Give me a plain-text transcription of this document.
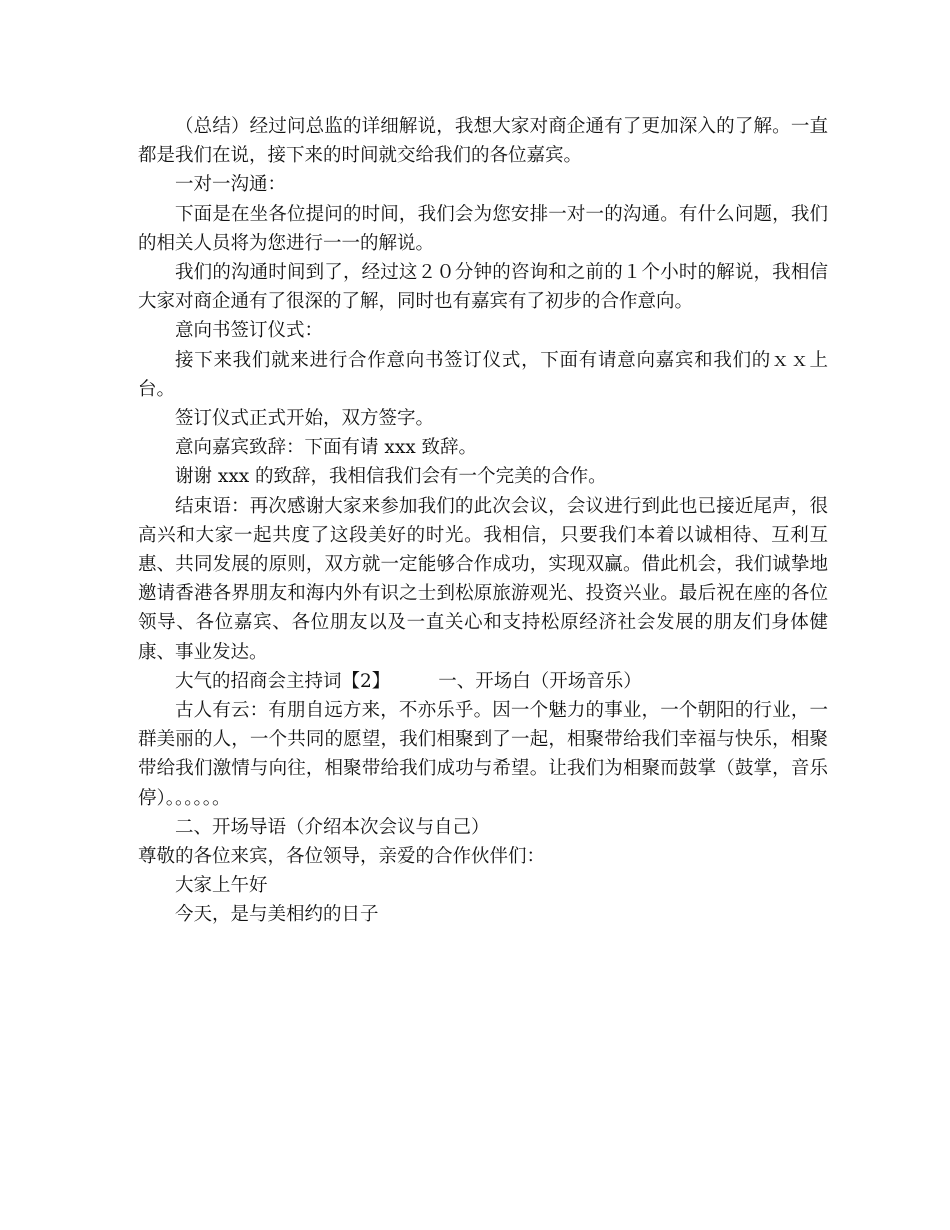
（总结）经过问总监的详细解说，我想大家对商企通有了更加深入的了解。一直都是我们在说，接下来的时间就交给我们的各位嘉宾。

一对一沟通：

下面是在坐各位提问的时间，我们会为您安排一对一的沟通。有什么问题，我们的相关人员将为您进行一一的解说。

我们的沟通时间到了，经过这２０分钟的咨询和之前的１个小时的解说，我相信大家对商企通有了很深的了解，同时也有嘉宾有了初步的合作意向。

意向书签订仪式：

接下来我们就来进行合作意向书签订仪式，下面有请意向嘉宾和我们的ｘｘ上台。

签订仪式正式开始，双方签字。

意向嘉宾致辞：下面有请 xxx 致辞。

谢谢 xxx 的致辞，我相信我们会有一个完美的合作。

结束语：再次感谢大家来参加我们的此次会议，会议进行到此也已接近尾声，很高兴和大家一起共度了这段美好的时光。我相信，只要我们本着以诚相待、互利互惠、共同发展的原则，双方就一定能够合作成功，实现双赢。借此机会，我们诚挚地邀请香港各界朋友和海内外有识之士到松原旅游观光、投资兴业。最后祝在座的各位领导、各位嘉宾、各位朋友以及一直关心和支持松原经济社会发展的朋友们身体健康、事业发达。

大气的招商会主持词【2】	一、开场白（开场音乐）

古人有云：有朋自远方来，不亦乐乎。因一个魅力的事业，一个朝阳的行业，一群美丽的人，一个共同的愿望，我们相聚到了一起，相聚带给我们幸福与快乐，相聚带给我们激情与向往，相聚带给我们成功与希望。让我们为相聚而鼓掌（鼓掌，音乐停）。。。。。。

二、开场导语（介绍本次会议与自己）

尊敬的各位来宾，各位领导，亲爱的合作伙伴们：

大家上午好

今天，是与美相约的日子
